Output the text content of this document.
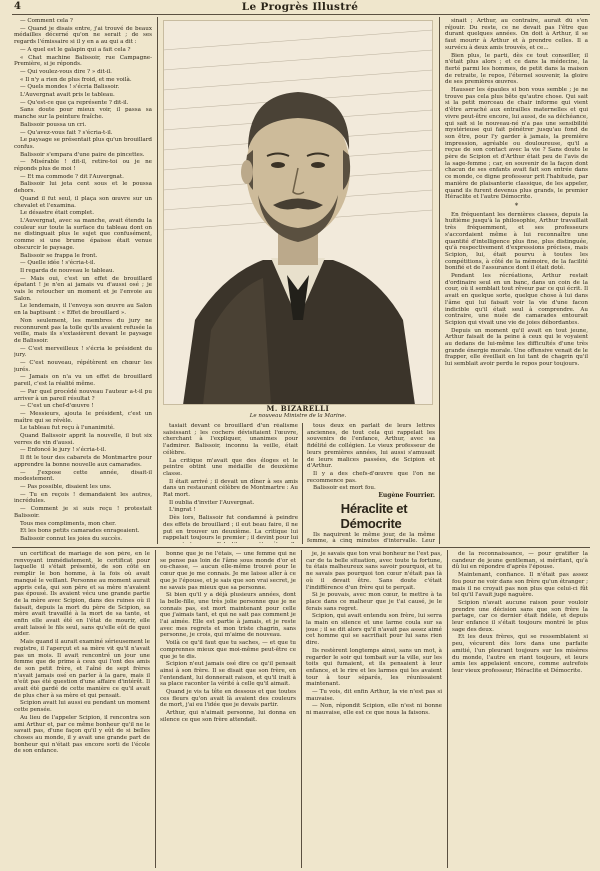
4	Le Progrès Illustré

— Comment cela ?

— Quand je disais entre, j'ai trouvé de beaux médailles décerné qu'on ne serait ; de ses regards l'émissaire si il y en a au qui a dit :

— A quel est le galapin qui a fait cela ?

« Chat machine Balissoir, rue Campagne-Première, si je réponds.

— Qui voulez-vous dire ? » dit-il.

« Il n'y a rien de plus froid, et me voilà.

— Quels mondes ! s'écria Balissoir.

L'Auvergnat avait pris le tableau.

— Qu'est-ce que ça représente ? dit-il.

Sans doute pour mieux voir, il passa sa manche sur la peinture fraîche.

Balissoir poussa un cri.

— Qu'avez-vous fait ? s'écria-t-il.

Le paysage se présentait plus qu'un brouillard confus.

Balissoir s'empara d'une paire de pincettes.

— Misérable ! dit-il, retire-toi ou je ne réponds plus de moi !

— Et ma commode ? dit l'Auvergnat.

Balissoir lui jeta cent sous et le poussa dehors.

Quand il fut seul, il plaça son œuvre sur un chevalet et l'examina.

Le désastre était complet.

L'Auvergnat, avec sa manche, avait étendu la couleur sur toute la surface du tableau dont on ne distinguait plus le sujet que confusément, comme si une brume épaisse était venue obscurcir le paysage.

Balissoir se frappa le front.

— Quelle idée ! s'écria-t-il.

Il regarda de nouveau le tableau.

— Mais oui, c'est un effet de brouillard épatant ! je n'en ai jamais vu d'aussi osé ; je vais le retoucher un moment et je l'envoie au Salon.

Le lendemain, il l'envoya son œuvre au Salon en la baptisant : « Effet de brouillard ».

Non seulement, les membres du jury ne reconnurent pas la toile qu'ils avaient refusée la veille, mais ils s'extasièrent devant le paysage de Balissoir.

— C'est merveilleux ! s'écria le président du jury.

— C'est nouveau, répétèrent en chœur les jurés.

— Jamais on n'a vu un effet de brouillard pareil, c'est la réalité même.

— Par quel procédé nouveau l'auteur a-t-il pu arriver à un pareil résultat ?

— C'est un chef-d'œuvre !

— Messieurs, ajouta le président, c'est un maître qui se révèle.

Le tableau fut reçu à l'unanimité.

Quand Balissoir apprit la nouvelle, il but six verres de vin d'aussi.

— Enfoncé le jury ! s'écria-t-il.

Il fit le tour des cabarets de Montmartre pour apprendre la bonne nouvelle aux camarades.

— J'expose cette année, disait-il modestement.

— Pas possible, disaient les uns.

— Tu en reçois ! demandaient les autres, incrédules.

— Comment je si suis reçu ! protestait Balissoir.

Tous mes compliments, mon cher.

Et les bons petits camarades enrageaient.

Balissoir connut les joies du succès.

M. BIZARELLI
Le nouveau Ministre de la Marine.

sinait ; Arthur, au contraire, aurait dû s'en réjouir. Du reste, ce ne devait pas l'être que durant quelques années. On doit à Arthur, il se faut mourir à Arthur et à prendre celles. Il a survécu à deux amis trouvés, et ce...

Bien plus, le parti, dès ce tout conseiller, il n'était plus alors ; et ce dans la médecine, la fierté parmi les hommes, de petit dans la maison de retraite, le repos, l'éternel souvenir, la gloire de ses premières œuvres.

Hausser les épaules si bon vous semble ; je ne trouve pas cela plus bête qu'autre chose. Qui sait si la petit morceau de chair informe qui vient d'être arraché aux entrailles maternelles et qui vivre peut-être encore, lui aussi, de sa déchéance, qui sait si le nouveau-né n'a pas une sensibilité mystérieuse qui fait pénétrer jusqu'au fond de son être, pour l'y garder à jamais, la première impression, agréable ou douloureuse, qu'il a reçue de son contact avec la vie ? Sans doute le père de Scipion et d'Arthur était peu de l'avis de la sage-femme ; car, en souvenir de la façon dont chacun de ses enfants avait fait son entrée dans ce monde, ce digne professeur prit l'habitude, par manière de plaisanterie classique, de les appeler, quand ils furent devenus plus grands, le premier Héraclite et l'autre Démocrite.

*

En fréquentant les dernières classes, depuis la huitième jusqu'à la philosophie, Arthur travaillait très fréquemment, et ses professeurs s'accordaient même à lui reconnaître une quantité d'intelligence plus fine, plus distinguée, qu'à respectivement d'expressions précises, mais Scipion, lui, était pourvu à toutes les compétitions, à côté de la mémoire, de la facilité bonifié et de l'assurance dont il était doté.

Pendant les récréations, Arthur restait d'ordinaire seul en un banc, dans un coin de la cour, où il semblait tout rêveur par ce qui écrit. Il avait en quelque sorte, quelque chose à lui dans l'âme qui lui faisait voir la vie d'une facon indicible qu'il était seul à comprendre. Au contraire, une nuée de camarades entourait Scipion qui vivait une vie de joies débordantes.

Depuis un moment qu'il avait en tout jeune, Arthur faisait de la peine à ceux qui le voyaient au dedans de lui-même les difficultés d'une très grande énergie morale. Une offensive venait de le frapper, elle éveillait en lui tant de chagrin qu'il lui semblait avoir perdu le repos pour toujours.

tasiait devant ce brouillard d'un réalisme saisissant ; les cochers dévisitaient l'œuvre, cherchant à l'expliquer, unanimes pour l'admirer. Balissoir, inconnu la veille, était célèbre.

La critique m'avait que des éloges et le peintre obtint une médaille de deuxième classe.

Il était arrivé ; il devait un dîner à ses amis dans un restaurant célèbre de Montmartre : Au Rat mort.

Il oublia d'inviter l'Auvergnat.

L'ingrat !

Dès lors, Balissoir fut condamné à peindre des effets de brouillard ; il eut beau faire, il ne put en trouver un deuxième. La critique lui rappelait toujours le premier ; il devint pour lui

tous deux en parlait de leurs lettres anciennes, de tout cela qui rappelait les souvenirs de l'enfance, Arthur, avec sa fidélité de collégien. Le vieux professeur de leurs premières années, lui aussi s'amusait de leurs malices passées, de Scipion et d'Arthur.

Il y a des chefs-d'œuvre que l'on ne recommence pas.

Balissoir est mort fou.

Eugène Fourrier.

Héraclite et Démocrite

Ils naquirent le même jour, de la même femme, à cinq minutes d'intervalle. Leur

un certificat de mariage de son père, en le renvoyant immédiatement, le certificat pour laquelle il s'était présenté, de son côté en remplir le bon homme, à la fois où avait manqué le veillant. Personne au moment aurait appris cela, qui son père et sa mère n'avaient pas épousé. Ils avaient vécu une grande partie de la mère avec Scipion, dans des ruines où il faisait, depuis la mort du père de Scipion, sa mère avait travaillé à la mort de sa tante, et enfin elle avait été en l'état de mourir, elle avait laissé le fils seul, sans qu'elle eût de quoi aider.

Mais quand il aurait examiné sérieusement le registre, il l'aperçut et sa mère vit qu'il n'avait pas un mois. Il avait rencontré un jour une femme que de prime à ceux qui l'ont des amis de son petit frère, et l'aîné de sept frères n'avait jamais osé en parler à la gare, mais il n'eût pas été question d'une affaire d'intérêt. Il avait été gardé de cette manière ce qu'il avait de plus cher à sa mère et qui pensait.

Scipion avait lui aussi eu pendant un moment cette pensée.

Au lieu de l'appeler Scipion, il rencontra son ami Arthur et, par ce même bonheur qu'il ne le savait pas, d'une façon qu'il y eût de si belles choses au monde, il y avait une grande part de bonheur qui n'était pas encore sorti de l'école de son enfance.

bonne que je ne l'étais, — une femme qui ne se pense pas loin de l'âme sous monde d'or et ou-chasse, — aucun elle-même trouvé pour le cœur que je me connais. Je me laisse aller à ce que je l'épouse, et je sais que son vrai secret, je ne savais pas mieux que sa personne.

Si bien qu'il y a déjà plusieurs années, dont la belle-fille, une très jolie personne que je ne connais pas, est mort maintenant pour celle que j'aimais tant, et qui ne sait pas comment je l'ai aimée. Elle est partie à jamais, et je reste avec mes regrets et mon triste chagrin, sans personne, je crois, qui m'aime de nouveau.

Voilà ce qu'il faut que tu saches, — et que tu comprennes mieux que moi-même peut-être ce que je te dis.

Scipion n'eut jamais osé dire ce qu'il pensait ainsi à son frère. Il se disait que son frère, en l'entendant, lui donnerait raison, et qu'il irait à sa place raconter la vérité à celle qu'il aimait.

Quand je vis ta tête en dessous et que toutes ces fleurs qu'on avait là avaient des couleurs de mort, j'ai eu l'idée que je devais partir.

Arthur, qui n'aimait personne, lui donna en silence ce que son frère attendait.

je, je savais que ton vrai bonheur ne l'est pas, car de ta belle situation, avec toute ta fortune, tu étais malheureux sans savoir pourquoi, et tu ne savais pas pourquoi ton cœur n'était pas là où il devait être. Sans doute c'était l'indifférence d'un frère qui te perçait.

Si je pouvais, avec mon cœur, te mettre à ta place dans ce malheur que je t'ai causé, je le ferais sans regret.

Scipion, qui avait entendu son frère, lui serra la main en silence et une larme coula sur sa joue ; il se dit alors qu'il n'avait pas assez aimé cet homme qui se sacrifiait pour lui sans rien dire.

Ils restèrent longtemps ainsi, sans un mot, à regarder le soir qui tombait sur la ville, sur les toits qui fumaient, et ils pensaient à leur enfance, et le rire et les larmes qui les avaient tour à tour séparés, les réunissaient maintenant.

— Tu vois, dit enfin Arthur, la vie n'est pas si mauvaise.

— Non, répondit Scipion, elle n'est ni bonne ni mauvaise, elle est ce que nous la faisons.

de la reconnaissance, — pour gratifier la candeur de jeune gentleman, si méritant, qu'à dû lui en répondre d'après l'épouse.

Maintenant, confiance. Il n'était pas assez fou pour ne voir dans son frère qu'un étranger ; mais il ne croyait pas non plus que celui-ci fût tel qu'il l'avait jugé naguère.

Scipion n'avait aucune raison pour vouloir prendre une décision sans que son frère la partage, car ce dernier était fidèle, et depuis leur enfance il s'était toujours montré le plus sage des deux.

Et les deux frères, qui se ressemblaient si peu, vécurent dès lors dans une parfaite amitié, l'un pleurant toujours sur les misères du monde, l'autre en riant toujours, et leurs amis les appelaient encore, comme autrefois leur vieux professeur, Héraclite et Démocrite.
